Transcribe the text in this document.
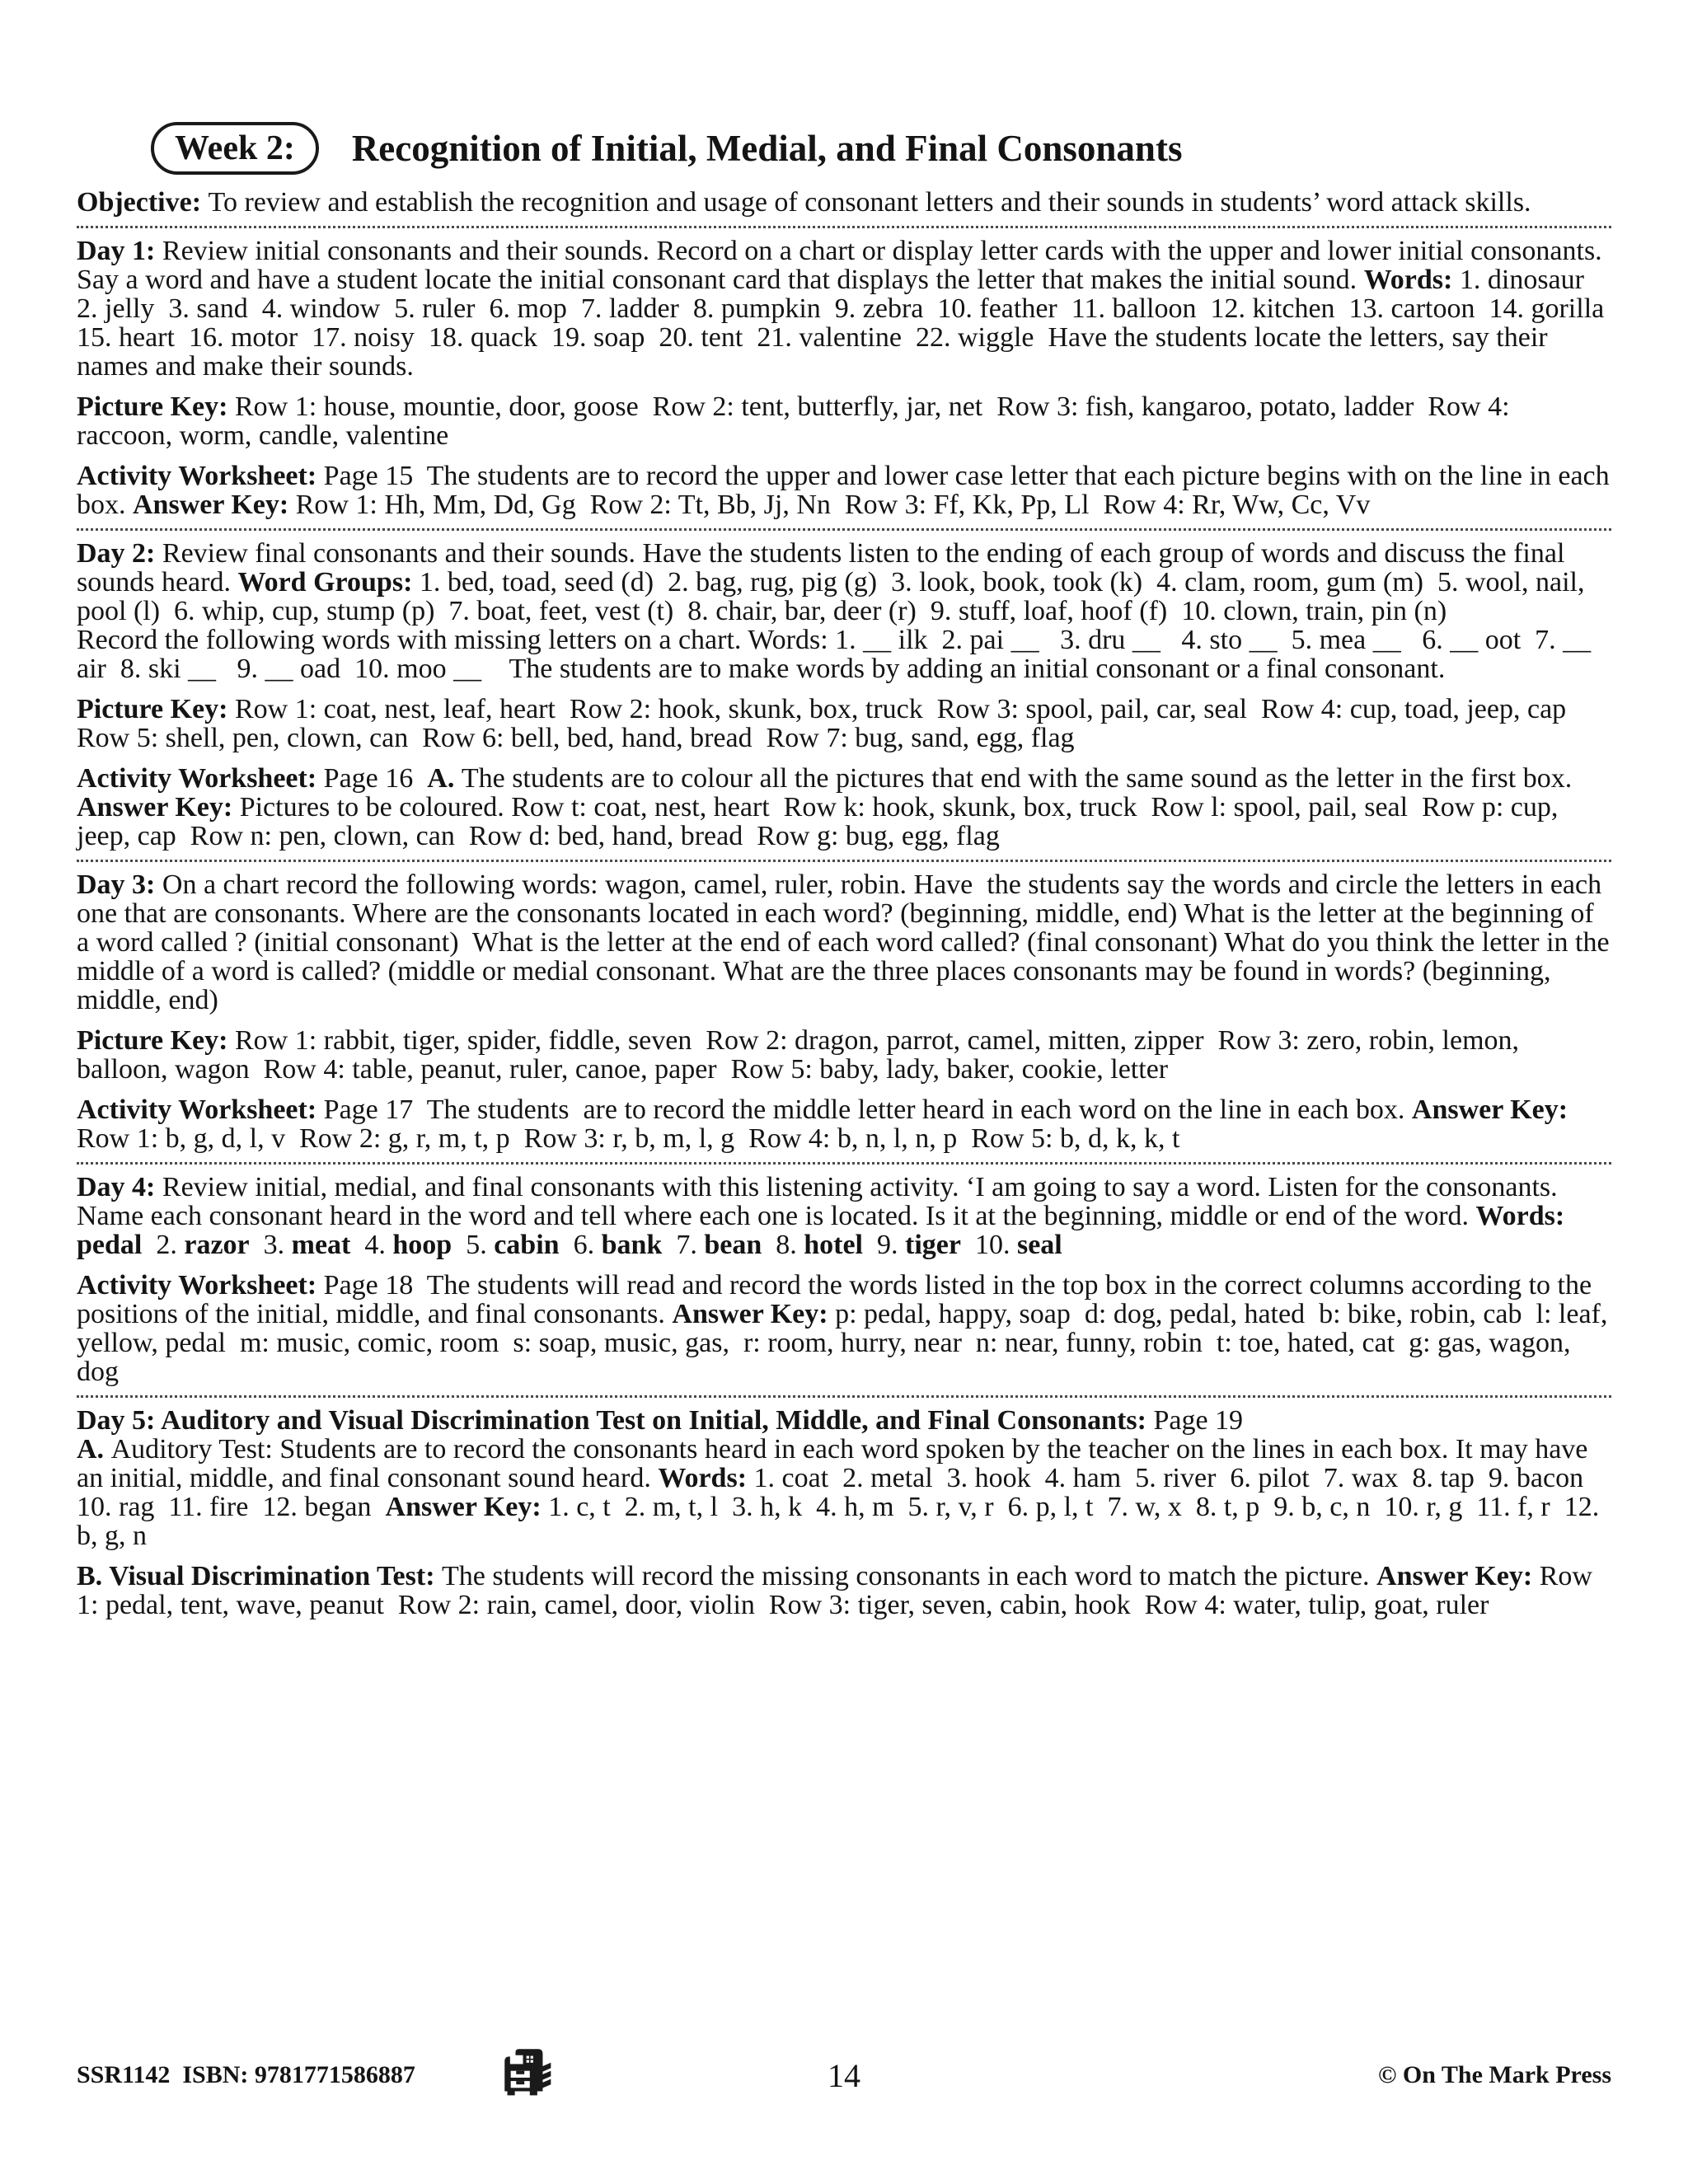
Week 2:	Recognition of Initial, Medial, and Final Consonants

Objective: To review and establish the recognition and usage of consonant letters and their sounds in students’ word attack skills.

Day 1: Review initial consonants and their sounds. Record on a chart or display letter cards with the upper and lower initial consonants. Say a word and have a student locate the initial consonant card that displays the letter that makes the initial sound. Words: 1. dinosaur  2. jelly  3. sand  4. window  5. ruler  6. mop  7. ladder  8. pumpkin  9. zebra  10. feather  11. balloon  12. kitchen  13. cartoon  14. gorilla  15. heart  16. motor  17. noisy  18. quack  19. soap  20. tent  21. valentine  22. wiggle  Have the students locate the letters, say their names and make their sounds.

Picture Key: Row 1: house, mountie, door, goose  Row 2: tent, butterfly, jar, net  Row 3: fish, kangaroo, potato, ladder  Row 4: raccoon, worm, candle, valentine

Activity Worksheet: Page 15  The students are to record the upper and lower case letter that each picture begins with on the line in each box. Answer Key: Row 1: Hh, Mm, Dd, Gg  Row 2: Tt, Bb, Jj, Nn  Row 3: Ff, Kk, Pp, Ll  Row 4: Rr, Ww, Cc, Vv

Day 2: Review final consonants and their sounds. Have the students listen to the ending of each group of words and discuss the final sounds heard. Word Groups: 1. bed, toad, seed (d)  2. bag, rug, pig (g)  3. look, book, took (k)  4. clam, room, gum (m)  5. wool, nail, pool (l)  6. whip, cup, stump (p)  7. boat, feet, vest (t)  8. chair, bar, deer (r)  9. stuff, loaf, hoof (f)  10. clown, train, pin (n)
Record the following words with missing letters on a chart. Words: 1. __ ilk  2. pai __   3. dru __   4. sto __  5. mea __   6. __ oot  7. __ air  8. ski __   9. __ oad  10. moo __    The students are to make words by adding an initial consonant or a final consonant.

Picture Key: Row 1: coat, nest, leaf, heart  Row 2: hook, skunk, box, truck  Row 3: spool, pail, car, seal  Row 4: cup, toad, jeep, cap Row 5: shell, pen, clown, can  Row 6: bell, bed, hand, bread  Row 7: bug, sand, egg, flag

Activity Worksheet: Page 16  A. The students are to colour all the pictures that end with the same sound as the letter in the first box. Answer Key: Pictures to be coloured. Row t: coat, nest, heart  Row k: hook, skunk, box, truck  Row l: spool, pail, seal  Row p: cup, jeep, cap  Row n: pen, clown, can  Row d: bed, hand, bread  Row g: bug, egg, flag

Day 3: On a chart record the following words: wagon, camel, ruler, robin. Have  the students say the words and circle the letters in each one that are consonants. Where are the consonants located in each word? (beginning, middle, end) What is the letter at the beginning of a word called ? (initial consonant)  What is the letter at the end of each word called? (final consonant) What do you think the letter in the middle of a word is called? (middle or medial consonant. What are the three places consonants may be found in words? (beginning, middle, end)

Picture Key: Row 1: rabbit, tiger, spider, fiddle, seven  Row 2: dragon, parrot, camel, mitten, zipper  Row 3: zero, robin, lemon, balloon, wagon  Row 4: table, peanut, ruler, canoe, paper  Row 5: baby, lady, baker, cookie, letter

Activity Worksheet: Page 17  The students  are to record the middle letter heard in each word on the line in each box. Answer Key: Row 1: b, g, d, l, v  Row 2: g, r, m, t, p  Row 3: r, b, m, l, g  Row 4: b, n, l, n, p  Row 5: b, d, k, k, t

Day 4: Review initial, medial, and final consonants with this listening activity. ‘I am going to say a word. Listen for the consonants. Name each consonant heard in the word and tell where each one is located. Is it at the beginning, middle or end of the word. Words: pedal  2. razor  3. meat  4. hoop  5. cabin  6. bank  7. bean  8. hotel  9. tiger  10. seal

Activity Worksheet: Page 18  The students will read and record the words listed in the top box in the correct columns according to the positions of the initial, middle, and final consonants. Answer Key: p: pedal, happy, soap  d: dog, pedal, hated  b: bike, robin, cab  l: leaf, yellow, pedal  m: music, comic, room  s: soap, music, gas,  r: room, hurry, near  n: near, funny, robin  t: toe, hated, cat  g: gas, wagon, dog

Day 5: Auditory and Visual Discrimination Test on Initial, Middle, and Final Consonants: Page 19
A. Auditory Test: Students are to record the consonants heard in each word spoken by the teacher on the lines in each box. It may have an initial, middle, and final consonant sound heard. Words: 1. coat  2. metal  3. hook  4. ham  5. river  6. pilot  7. wax  8. tap  9. bacon  10. rag  11. fire  12. began  Answer Key: 1. c, t  2. m, t, l  3. h, k  4. h, m  5. r, v, r  6. p, l, t  7. w, x  8. t, p  9. b, c, n  10. r, g  11. f, r  12. b, g, n

B. Visual Discrimination Test: The students will record the missing consonants in each word to match the picture. Answer Key: Row 1: pedal, tent, wave, peanut  Row 2: rain, camel, door, violin  Row 3: tiger, seven, cabin, hook  Row 4: water, tulip, goat, ruler

SSR1142  ISBN: 9781771586887	14	© On The Mark Press
